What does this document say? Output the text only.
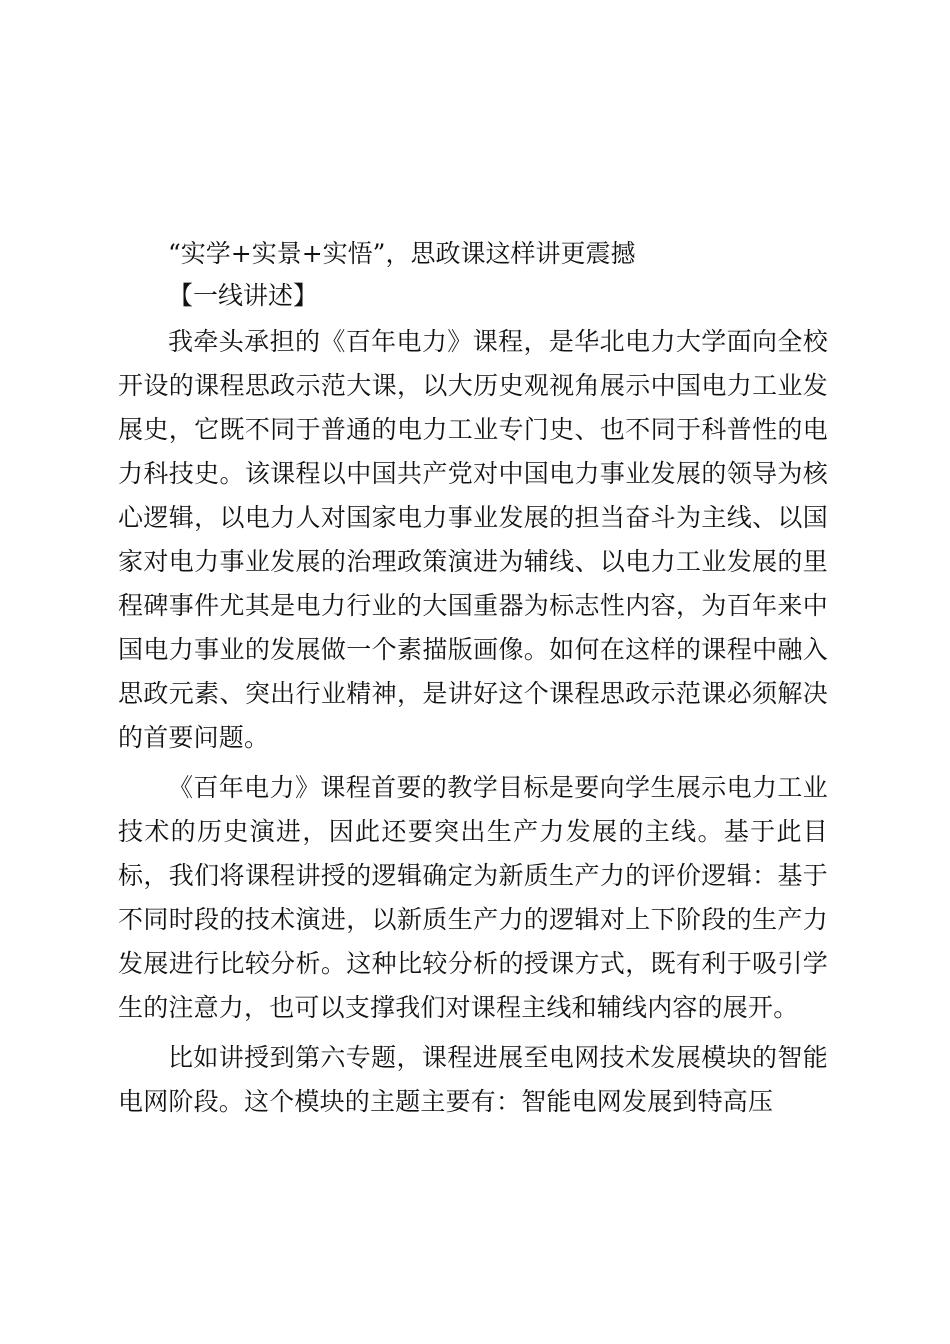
“实学+实景+实悟”，思政课这样讲更震撼
【一线讲述】

我牵头承担的《百年电力》课程，是华北电力大学面向全校开设的课程思政示范大课，以大历史观视角展示中国电力工业发展史，它既不同于普通的电力工业专门史、也不同于科普性的电力科技史。该课程以中国共产党对中国电力事业发展的领导为核心逻辑，以电力人对国家电力事业发展的担当奋斗为主线、以国家对电力事业发展的治理政策演进为辅线、以电力工业发展的里程碑事件尤其是电力行业的大国重器为标志性内容，为百年来中国电力事业的发展做一个素描版画像。如何在这样的课程中融入思政元素、突出行业精神，是讲好这个课程思政示范课必须解决的首要问题。

《百年电力》课程首要的教学目标是要向学生展示电力工业技术的历史演进，因此还要突出生产力发展的主线。基于此目标，我们将课程讲授的逻辑确定为新质生产力的评价逻辑：基于不同时段的技术演进，以新质生产力的逻辑对上下阶段的生产力发展进行比较分析。这种比较分析的授课方式，既有利于吸引学生的注意力，也可以支撑我们对课程主线和辅线内容的展开。

比如讲授到第六专题，课程进展至电网技术发展模块的智能电网阶段。这个模块的主题主要有：智能电网发展到特高压
